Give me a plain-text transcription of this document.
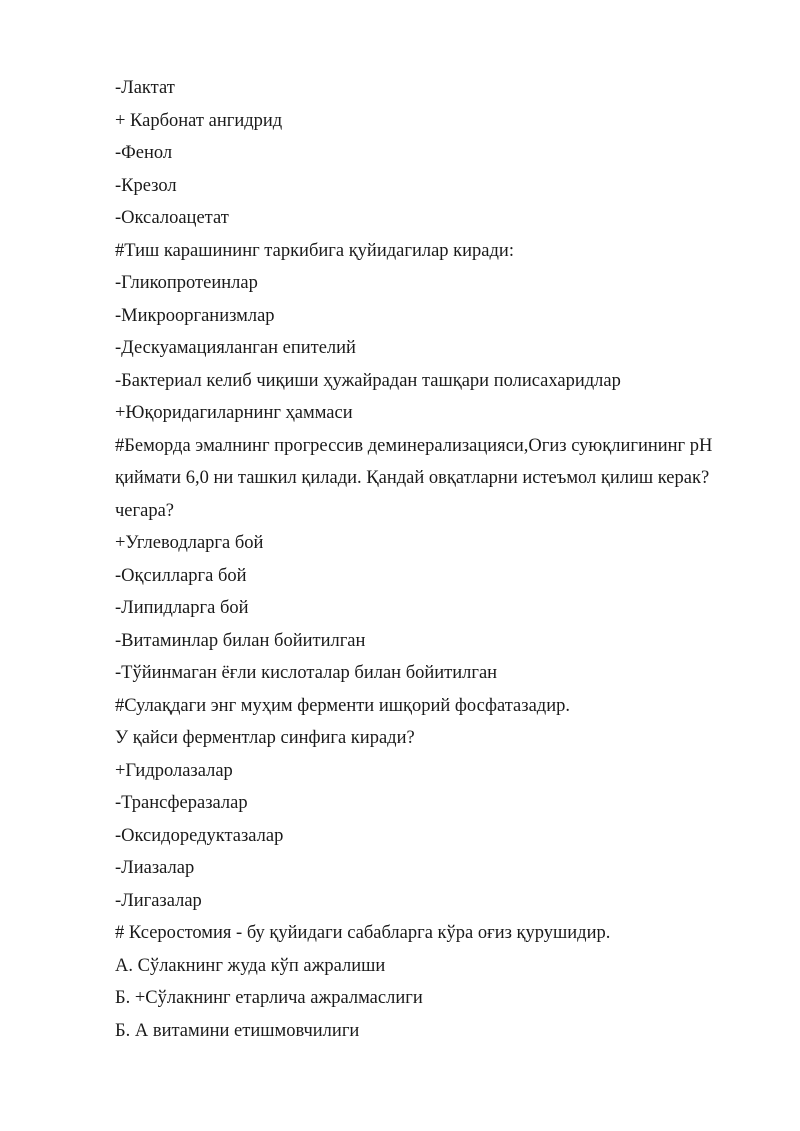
-Лактат

+ Карбонат ангидрид

-Фенол

-Крезол

-Оксалоацетат

#Тиш карашининг таркибига қуйидагилар киради:

-Гликопротеинлар

-Микроорганизмлар

-Дескуамацияланган епителий

-Бактериал келиб чиқиши ҳужайрадан ташқари полисахаридлар

+Юқоридагиларнинг ҳаммаси

#Беморда эмалнинг прогрессив деминерализацияси,Огиз суюқлигининг pH

қиймати 6,0 ни ташкил қилади. Қандай овқатларни истеъмол қилиш керак?

чегара?

+Углеводларга бой

-Оқсилларга бой

-Липидларга бой

-Витаминлар билан бойитилган

-Тўйинмаган ёғли кислоталар билан бойитилган

#Сулақдаги энг муҳим ферменти ишқорий фосфатазадир.

У қайси ферментлар синфига киради?

+Гидролазалар

-Трансферазалар

-Оксидоредуктазалар

-Лиазалар

-Лигазалар

# Ксеростомия - бу қуйидаги сабабларга кўра оғиз қурушидир.

А. Сўлакнинг жуда кўп ажралиши

Б. +Сўлакнинг етарлича ажралмаслиги

Б. А витамини етишмовчилиги
